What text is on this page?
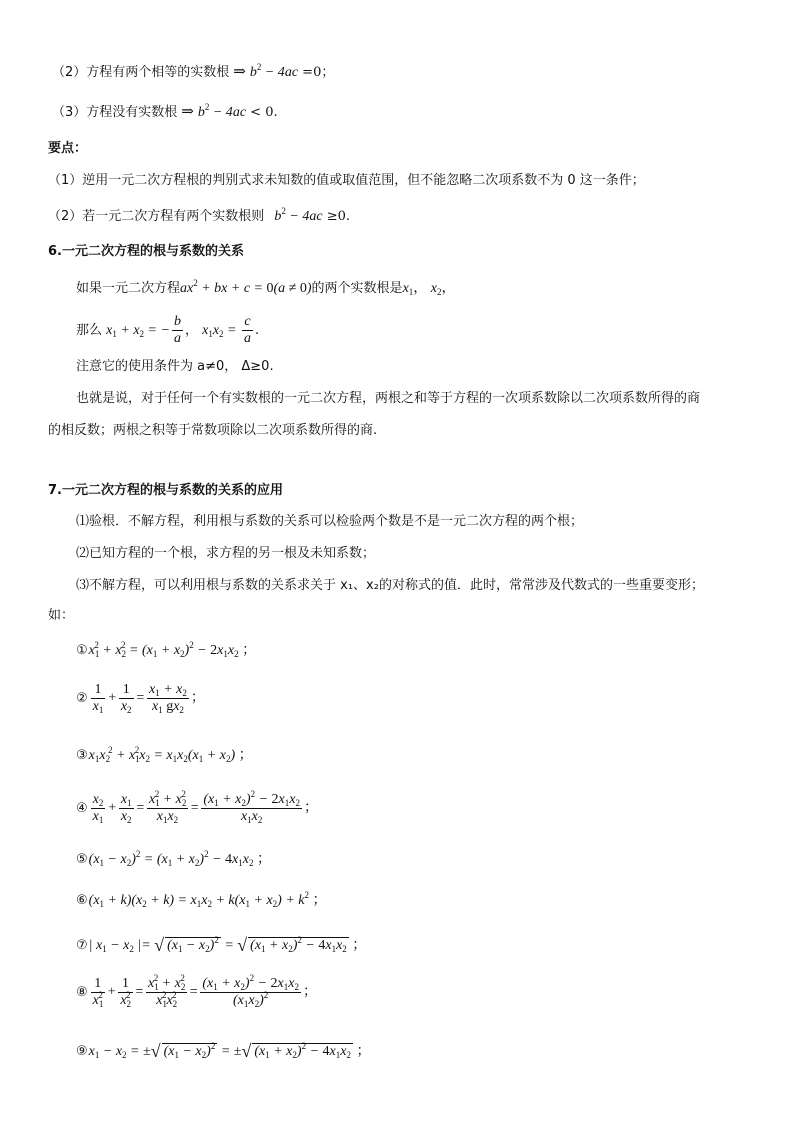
（2）方程有两个相等的实数根 ⇒ $b^2 - 4ac =0$；
（3）方程没有实数根 ⇒ $b^2 - 4ac < 0$.
要点：
（1）逆用一元二次方程根的判别式求未知数的值或取值范围，但不能忽略二次项系数不为 0 这一条件；
（2）若一元二次方程有两个实数根则 $b^2 - 4ac \ge 0$.
6.一元二次方程的根与系数的关系
如果一元二次方程$ax^2$ + bx + c = 0(a ≠ 0)的两个实数根是$x_1$， $x_2$，
那么 $x_1 + x_2$ = − $\frac{b}{a}$ ， $x_1x_2 = \frac{c}{a}$ .
注意它的使用条件为 a≠0， Δ≥0.
也就是说，对于任何一个有实数根的一元二次方程，两根之和等于方程的一次项系数除以二次项系数所得的商
的相反数；两根之积等于常数项除以二次项系数所得的商.
7.一元二次方程的根与系数的关系的应用
⑴验根．不解方程，利用根与系数的关系可以检验两个数是不是一元二次方程的两个根；
⑵已知方程的一个根，求方程的另一根及未知系数；
⑶不解方程，可以利用根与系数的关系求关于 x₁、x₂的对称式的值．此时，常常涉及代数式的一些重要变形；
如：
$①x_1^2 + x_2^2 = (x_1 + x_2)^2 - 2x_1x_2$ ；
② $\frac{1}{x_1} + \frac{1}{x_2} = \frac{x_1 + x_2}{x_1 gx_2}$ ；
$③x_1x_2^2 + x_1^2x_2 = x_1x_2(x_1 + x_2)$ ；
④ $\frac{x_2}{x_1} + \frac{x_1}{x_2} = \frac{x_1^2 + x_2^2}{x_1x_2} = \frac{(x_1 + x_2)^2 - 2x_1x_2}{x_1x_2}$ ；
$⑤(x_1 - x_2)^2 = (x_1 + x_2)^2 - 4x_1x_2$ ；
$⑥(x_1 + k)(x_2 + k) = x_1x_2 + k(x_1 + x_2) + k^2$ ；
⑦| $x_1 - x_2$ |= √ $(x_1 - x_2)^2$ = √ $(x_1 + x_2)^2 - 4x_1x_2$ ；
⑧ $\frac{1}{x_1^2} + \frac{1}{x_2^2} = \frac{x_1^2 + x_2^2}{x_1^2x_2^2} = \frac{(x_1 + x_2)^2 - 2x_1x_2}{(x_1x_2)^2}$ ；
$⑨x_1 - x_2$ = ±√ $(x_1 - x_2)^2$ = ±√ $(x_1 + x_2)^2 - 4x_1x_2$ ；
